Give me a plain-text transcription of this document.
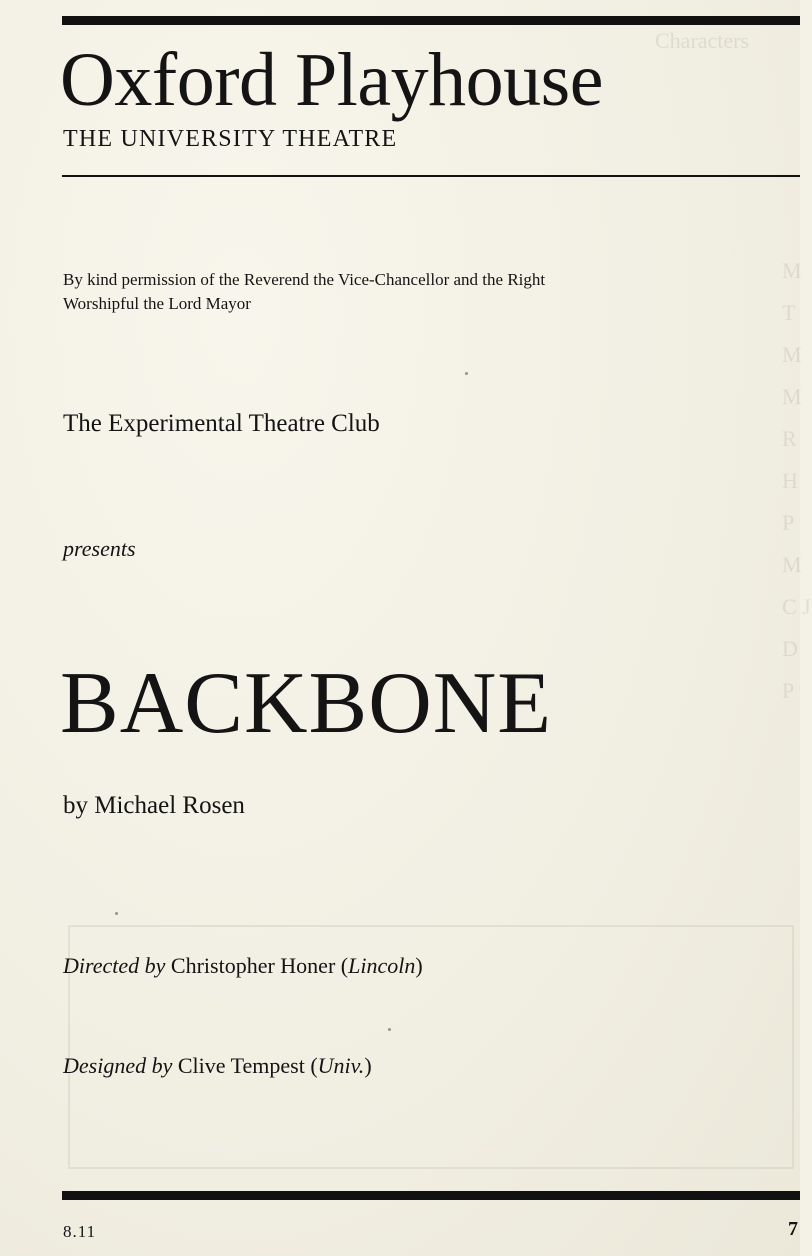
Characters
M T M M R H P M C J D P
Oxford Playhouse
THE UNIVERSITY THEATRE
By kind permission of the Reverend the Vice-Chancellor and the Right Worshipful the Lord Mayor
The Experimental Theatre Club
presents
BACKBONE
by Michael Rosen
Directed by Christopher Honer (Lincoln)
Designed by Clive Tempest (Univ.)
8.11	7
